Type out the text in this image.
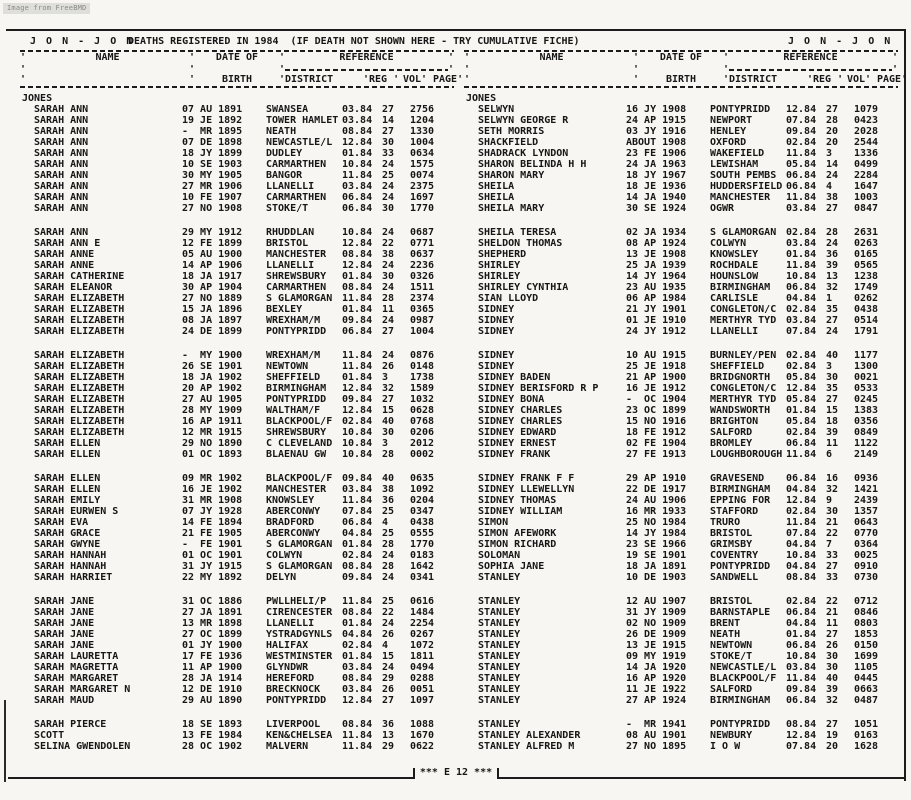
Image from FreeBMD
J O N - J O N
DEATHS REGISTERED IN 1984  (IF DEATH NOT SHOWN HERE - TRY CUMULATIVE FICHE)	J O N - J O N
'	NAME	'	DATE OF	'	REFERENCE	'
'	'	'	'
'	'	BIRTH	' DISTRICT	'REG ' VOL' PAGE '
JONES
SARAH ANN	07 AU 1891	SWANSEA	03.84 27	2756
SARAH ANN	19 JE 1892	TOWER HAMLET 03.84 14	1204
SARAH ANN	-  MR 1895	NEATH	08.84 27	1330
SARAH ANN	07 DE 1898	NEWCASTLE/L 12.84 30	1004
SARAH ANN	18 JY 1899	DUDLEY	01.84 33	0634
SARAH ANN	10 SE 1903	CARMARTHEN	10.84 24	1575
SARAH ANN	30 MY 1905	BANGOR	11.84 25	0074
SARAH ANN	27 MR 1906	LLANELLI	03.84 24	2375
SARAH ANN	10 FE 1907	CARMARTHEN	06.84 24	1697
SARAH ANN	27 NO 1908	STOKE/T	06.84 30	1770
SARAH ANN	29 MY 1912	RHUDDLAN	10.84 24	0687
SARAH ANN E	12 FE 1899	BRISTOL	12.84 22	0771
SARAH ANNE	05 AU 1900	MANCHESTER	08.84 38	0637
SARAH ANNE	14 AP 1906	LLANELLI	12.84 24	2236
SARAH CATHERINE	18 JA 1917	SHREWSBURY	01.84 30	0326
SARAH ELEANOR	30 AP 1904	CARMARTHEN	08.84 24	1511
SARAH ELIZABETH	27 NO 1889	S GLAMORGAN 11.84 28	2374
SARAH ELIZABETH	15 JA 1896	BEXLEY	01.84 11	0365
SARAH ELIZABETH	08 JA 1897	WREXHAM/M	09.84 24	0987
SARAH ELIZABETH	24 DE 1899	PONTYPRIDD	06.84 27	1004
SARAH ELIZABETH	-  MY 1900	WREXHAM/M	11.84 24	0876
SARAH ELIZABETH	26 SE 1901	NEWTOWN	11.84 26	0148
SARAH ELIZABETH	18 JA 1902	SHEFFIELD	01.84 3	1738
SARAH ELIZABETH	20 AP 1902	BIRMINGHAM	12.84 32	1589
SARAH ELIZABETH	27 AU 1905	PONTYPRIDD	09.84 27	1032
SARAH ELIZABETH	28 MY 1909	WALTHAM/F	12.84 15	0628
SARAH ELIZABETH	16 AP 1911	BLACKPOOL/F 02.84 40	0768
SARAH ELIZABETH	12 MR 1915	SHREWSBURY	10.84 30	0206
SARAH ELLEN	29 NO 1890	C CLEVELAND 10.84 3	2012
SARAH ELLEN	01 OC 1893	BLAENAU GW	10.84 28	0002
SARAH ELLEN	09 MR 1902	BLACKPOOL/F 09.84 40	0635
SARAH ELLEN	16 JE 1902	MANCHESTER	03.84 38	1092
SARAH EMILY	31 MR 1908	KNOWSLEY	11.84 36	0204
SARAH EURWEN S	07 JY 1928	ABERCONWY	07.84 25	0347
SARAH EVA	14 FE 1894	BRADFORD	06.84 4	0438
SARAH GRACE	21 FE 1905	ABERCONWY	04.84 25	0555
SARAH GWYNE	-  FE 1901	S GLAMORGAN 01.84 28	1770
SARAH HANNAH	01 OC 1901	COLWYN	02.84 24	0183
SARAH HANNAH	31 JY 1915	S GLAMORGAN 08.84 28	1642
SARAH HARRIET	22 MY 1892	DELYN	09.84 24	0341
SARAH JANE	31 OC 1886	PWLLHELI/P	11.84 25	0616
SARAH JANE	27 JA 1891	CIRENCESTER 08.84 22	1484
SARAH JANE	13 MR 1898	LLANELLI	01.84 24	2254
SARAH JANE	27 OC 1899	YSTRADGYNLS 04.84 26	0267
SARAH JANE	01 JY 1900	HALIFAX	02.84 4	1072
SARAH LAURETTA	17 FE 1936	WESTMINSTER 01.84 15	1811
SARAH MAGRETTA	11 AP 1900	GLYNDWR	03.84 24	0494
SARAH MARGARET	28 JA 1914	HEREFORD	08.84 29	0288
SARAH MARGARET N	12 DE 1910	BRECKNOCK	03.84 26	0051
SARAH MAUD	29 AU 1890	PONTYPRIDD	12.84 27	1097
SARAH PIERCE	18 SE 1893	LIVERPOOL	08.84 36	1088
SCOTT	13 FE 1984	KEN&CHELSEA 11.84 13	1670
SELINA GWENDOLEN	28 OC 1902	MALVERN	11.84 29	0622
'	NAME	'	DATE OF	'	REFERENCE	'
'	'	'	'
'	'	BIRTH	' DISTRICT	'REG ' VOL' PAGE '
JONES
SELWYN	16 JY 1908	PONTYPRIDD	12.84 27	1079
SELWYN GEORGE R	24 AP 1915	NEWPORT	07.84 28	0423
SETH MORRIS	03 JY 1916	HENLEY	09.84 20	2028
SHACKFIELD	ABOUT 1908	OXFORD	02.84 20	2544
SHADRACK LYNDON	23 FE 1906	WAKEFIELD	11.84 3	1336
SHARON BELINDA H H	24 JA 1963	LEWISHAM	05.84 14	0499
SHARON MARY	18 JY 1967	SOUTH PEMBS 06.84 24	2284
SHEILA	18 JE 1936	HUDDERSFIELD 06.84 4	1647
SHEILA	14 JA 1940	MANCHESTER	11.84 38	1003
SHEILA MARY	30 SE 1924	OGWR	03.84 27	0847
SHEILA TERESA	02 JA 1934	S GLAMORGAN 02.84 28	2631
SHELDON THOMAS	08 AP 1924	COLWYN	03.84 24	0263
SHEPHERD	13 JE 1908	KNOWSLEY	01.84 36	0165
SHIRLEY	25 JA 1939	ROCHDALE	11.84 39	0565
SHIRLEY	14 JY 1964	HOUNSLOW	10.84 13	1238
SHIRLEY CYNTHIA	23 AU 1935	BIRMINGHAM	06.84 32	1749
SIAN LLOYD	06 AP 1984	CARLISLE	04.84 1	0262
SIDNEY	21 JY 1901	CONGLETON/C 02.84 35	0438
SIDNEY	01 JE 1910	MERTHYR TYD 03.84 27	0514
SIDNEY	24 JY 1912	LLANELLI	07.84 24	1791
SIDNEY	10 AU 1915	BURNLEY/PEN 02.84 40	1177
SIDNEY	25 JE 1918	SHEFFIELD	02.84 3	1300
SIDNEY BADEN	21 AP 1900	BRIDGNORTH	05.84 30	0021
SIDNEY BERISFORD R P	16 JE 1912	CONGLETON/C 12.84 35	0533
SIDNEY BONA	-  OC 1904	MERTHYR TYD 05.84 27	0245
SIDNEY CHARLES	23 OC 1899	WANDSWORTH	01.84 15	1383
SIDNEY CHARLES	15 NO 1916	BRIGHTON	05.84 18	0356
SIDNEY EDWARD	18 FE 1912	SALFORD	02.84 39	0849
SIDNEY ERNEST	02 FE 1904	BROMLEY	06.84 11	1122
SIDNEY FRANK	27 FE 1913	LOUGHBOROUGH 11.84 6	2149
SIDNEY FRANK F F	29 AP 1910	GRAVESEND	06.84 16	0936
SIDNEY LLEWELLYN	22 DE 1917	BIRMINGHAM	04.84 32	1421
SIDNEY THOMAS	24 AU 1906	EPPING FOR	12.84 9	2439
SIDNEY WILLIAM	16 MR 1933	STAFFORD	02.84 30	1357
SIMON	25 NO 1984	TRURO	11.84 21	0643
SIMON AFEWORK	14 JY 1984	BRISTOL	07.84 22	0770
SIMON RICHARD	23 SE 1966	GRIMSBY	04.84 7	0364
SOLOMAN	19 SE 1901	COVENTRY	10.84 33	0025
SOPHIA JANE	18 JA 1891	PONTYPRIDD	04.84 27	0910
STANLEY	10 DE 1903	SANDWELL	08.84 33	0730
STANLEY	12 AU 1907	BRISTOL	02.84 22	0712
STANLEY	31 JY 1909	BARNSTAPLE	06.84 21	0846
STANLEY	02 NO 1909	BRENT	04.84 11	0803
STANLEY	26 DE 1909	NEATH	01.84 27	1853
STANLEY	13 JE 1915	NEWTOWN	06.84 26	0150
STANLEY	09 MY 1919	STOKE/T	10.84 30	1699
STANLEY	14 JA 1920	NEWCASTLE/L 03.84 30	1105
STANLEY	16 AP 1920	BLACKPOOL/F 11.84 40	0445
STANLEY	11 JE 1922	SALFORD	09.84 39	0663
STANLEY	27 AP 1924	BIRMINGHAM	06.84 32	0487
STANLEY	-  MR 1941	PONTYPRIDD	08.84 27	1051
STANLEY ALEXANDER	08 AU 1901	NEWBURY	12.84 19	0163
STANLEY ALFRED M	27 NO 1895	I O W	07.84 20	1628
*** E 12 ***
